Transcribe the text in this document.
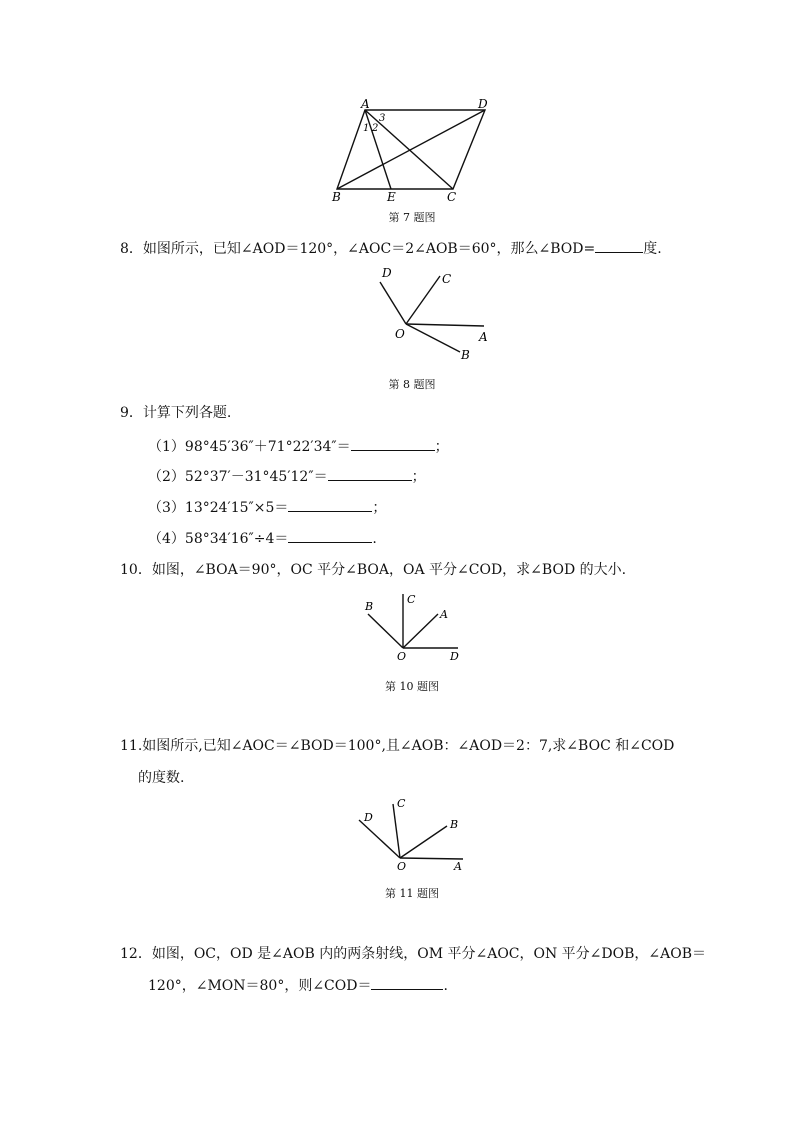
A	D
B	E	C
1 2
3
第 7 题图
8．如图所示，已知∠AOD＝120°，∠AOC＝2∠AOB＝60°，那么∠BOD=	度.
D	C
O	A
B
第 8 题图
9．计算下列各题.
（1）98°45′36″＋71°22′34″＝	；
（2）52°37′－31°45′12″＝	；
（3）13°24′15″×5＝	；
（4）58°34′16″÷4＝	.
10．如图，∠BOA＝90°，OC 平分∠BOA，OA 平分∠COD，求∠BOD 的大小.
B
C
A
O	D
第 10 题图
11.如图所示,已知∠AOC＝∠BOD＝100°,且∠AOB：∠AOD＝2：7,求∠BOC 和∠COD
的度数.
C
D
B
O	A
第 11 题图
12．如图，OC，OD 是∠AOB 内的两条射线，OM 平分∠AOC，ON 平分∠DOB，∠AOB＝
120°，∠MON＝80°，则∠COD＝	.
